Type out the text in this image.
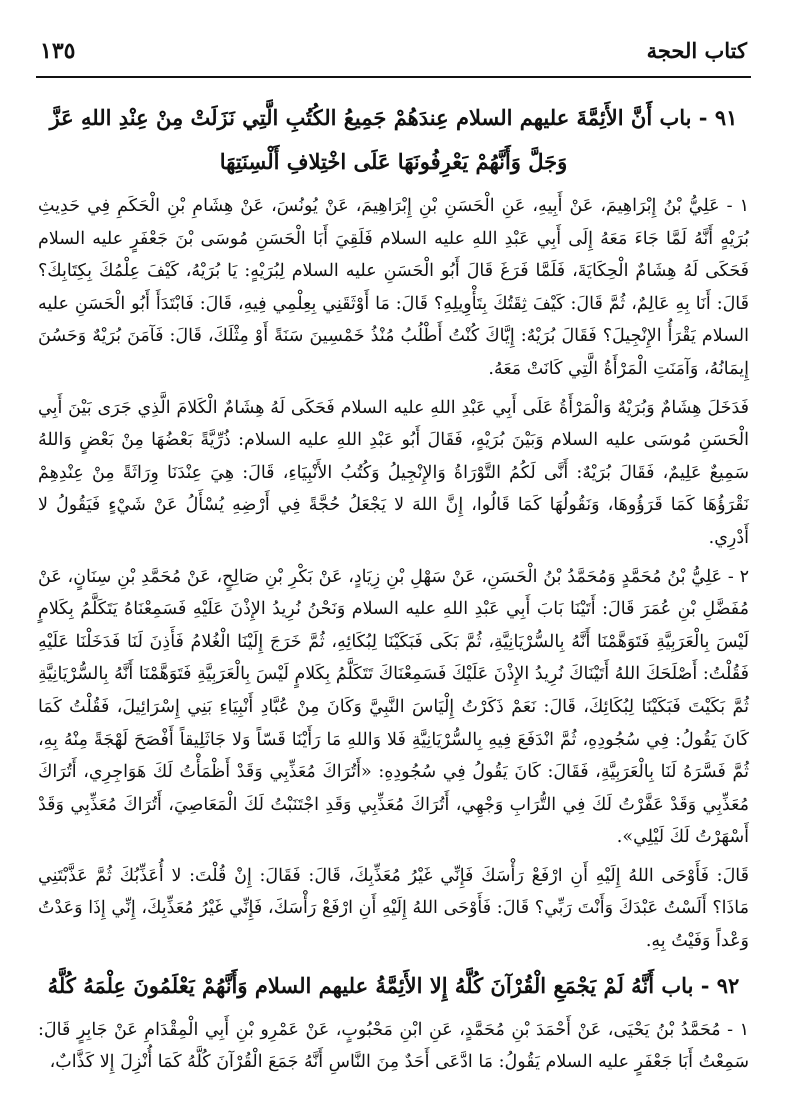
١٣٥	كتاب الحجة
٩١ - باب أَنَّ الأَئِمَّةَ عليهم السلام عِندَهُمْ جَمِيعُ الكُتُبِ الَّتِي نَزَلَتْ مِنْ عِنْدِ اللهِ عَزَّ وَجَلَّ وَأَنَّهُمْ يَعْرِفُونَهَا عَلَى اخْتِلافِ أَلْسِنَتِهَا

١ - عَلِيُّ بْنُ إِبْرَاهِيمَ، عَنْ أَبِيهِ، عَنِ الْحَسَنِ بْنِ إِبْرَاهِيمَ، عَنْ يُونُسَ، عَنْ هِشَامِ بْنِ الْحَكَمِ فِي حَدِيثِ بُرَيْهٍ أَنَّهُ لَمَّا جَاءَ مَعَهُ إِلَى أَبِي عَبْدِ اللهِ عليه السلام فَلَقِيَ أَبَا الْحَسَنِ مُوسَى بْنَ جَعْفَرٍ عليه السلام فَحَكَى لَهُ هِشَامٌ الْحِكَايَةَ، فَلَمَّا فَرَغَ قَالَ أَبُو الْحَسَنِ عليه السلام لِبُرَيْهٍ: يَا بُرَيْهُ، كَيْفَ عِلْمُكَ بِكِتَابِكَ؟ قَالَ: أَنَا بِهِ عَالِمٌ، ثُمَّ قَالَ: كَيْفَ ثِقَتُكَ بِتَأْوِيلِهِ؟ قَالَ: مَا أَوْثَقَنِي بِعِلْمِي فِيهِ، قَالَ: فَابْتَدَأَ أَبُو الْحَسَنِ عليه السلام يَقْرَأُ الإِنْجِيلَ؟ فَقَالَ بُرَيْهٌ: إِيَّاكَ كُنْتُ أَطْلُبُ مُنْذُ خَمْسِينَ سَنَةً أَوْ مِثْلَكَ، قَالَ: فَآمَنَ بُرَيْهٌ وَحَسُنَ إِيمَانُهُ، وَآمَنَتِ الْمَرْأَةُ الَّتِي كَانَتْ مَعَهُ.

فَدَخَلَ هِشَامٌ وَبُرَيْهٌ وَالْمَرْأَةُ عَلَى أَبِي عَبْدِ اللهِ عليه السلام فَحَكَى لَهُ هِشَامٌ الْكَلامَ الَّذِي جَرَى بَيْنَ أَبِي الْحَسَنِ مُوسَى عليه السلام وَبَيْنَ بُرَيْهٍ، فَقَالَ أَبُو عَبْدِ اللهِ عليه السلام: ذُرِّيَّةً بَعْضُهَا مِنْ بَعْضٍ وَاللهُ سَمِيعٌ عَلِيمٌ، فَقَالَ بُرَيْهٌ: أَنَّى لَكُمُ التَّوْرَاةُ وَالإِنْجِيلُ وَكُتُبُ الأَنْبِيَاءِ، قَالَ: هِيَ عِنْدَنَا وِرَاثَةً مِنْ عِنْدِهِمْ نَقْرَؤُهَا كَمَا قَرَؤُوهَا، وَنَقُولُهَا كَمَا قَالُوا، إِنَّ اللهَ لا يَجْعَلُ حُجَّةً فِي أَرْضِهِ يُسْأَلُ عَنْ شَيْءٍ فَيَقُولُ لا أَدْرِي.

٢ - عَلِيُّ بْنُ مُحَمَّدٍ وَمُحَمَّدُ بْنُ الْحَسَنِ، عَنْ سَهْلِ بْنِ زِيَادٍ، عَنْ بَكْرِ بْنِ صَالِحٍ، عَنْ مُحَمَّدِ بْنِ سِنَانٍ، عَنْ مُفَضَّلِ بْنِ عُمَرَ قَالَ: أَتَيْنَا بَابَ أَبِي عَبْدِ اللهِ عليه السلام وَنَحْنُ نُرِيدُ الإِذْنَ عَلَيْهِ فَسَمِعْنَاهُ يَتَكَلَّمُ بِكَلامٍ لَيْسَ بِالْعَرَبِيَّةِ فَتَوَهَّمْنَا أَنَّهُ بِالسُّرْيَانِيَّةِ، ثُمَّ بَكَى فَبَكَيْنَا لِبُكَائِهِ، ثُمَّ خَرَجَ إِلَيْنَا الْغُلامُ فَأَذِنَ لَنَا فَدَخَلْنَا عَلَيْهِ فَقُلْتُ: أَصْلَحَكَ اللهُ أَتَيْنَاكَ نُرِيدُ الإِذْنَ عَلَيْكَ فَسَمِعْنَاكَ تَتَكَلَّمُ بِكَلامٍ لَيْسَ بِالْعَرَبِيَّةِ فَتَوَهَّمْنَا أَنَّهُ بِالسُّرْيَانِيَّةِ ثُمَّ بَكَيْتَ فَبَكَيْنَا لِبُكَائِكَ، قَالَ: نَعَمْ ذَكَرْتُ إِلْيَاسَ النَّبِيَّ وَكَانَ مِنْ عُبَّادِ أَنْبِيَاءِ بَنِي إِسْرَائِيلَ، فَقُلْتُ كَمَا كَانَ يَقُولُ: فِي سُجُودِهِ، ثُمَّ انْدَفَعَ فِيهِ بِالسُّرْيَانِيَّةِ فَلا وَاللهِ مَا رَأَيْنَا قَسّاً وَلا جَاثَلِيقاً أَفْصَحَ لَهْجَةً مِنْهُ بِهِ، ثُمَّ فَسَّرَهُ لَنَا بِالْعَرَبِيَّةِ، فَقَالَ: كَانَ يَقُولُ فِي سُجُودِهِ: «أَتُرَاكَ مُعَذِّبِي وَقَدْ أَظْمَأْتُ لَكَ هَوَاجِرِي، أَتُرَاكَ مُعَذِّبِي وَقَدْ عَفَّرْتُ لَكَ فِي التُّرَابِ وَجْهِي، أَتُرَاكَ مُعَذِّبِي وَقَدِ اجْتَنَبْتُ لَكَ الْمَعَاصِيَ، أَتُرَاكَ مُعَذِّبِي وَقَدْ أَسْهَرْتُ لَكَ لَيْلِي».

قَالَ: فَأَوْحَى اللهُ إِلَيْهِ أَنِ ارْفَعْ رَأْسَكَ فَإِنِّي غَيْرُ مُعَذِّبِكَ، قَالَ: فَقَالَ: إِنْ قُلْتَ: لا أُعَذِّبُكَ ثُمَّ عَذَّبْتَنِي مَاذَا؟ أَلَسْتُ عَبْدَكَ وَأَنْتَ رَبِّي؟ قَالَ: فَأَوْحَى اللهُ إِلَيْهِ أَنِ ارْفَعْ رَأْسَكَ، فَإِنِّي غَيْرُ مُعَذِّبِكَ، إِنِّي إِذَا وَعَدْتُ وَعْداً وَفَيْتُ بِهِ.

٩٢ - باب أَنَّهُ لَمْ يَجْمَعِ الْقُرْآنَ كُلَّهُ إِلا الأَئِمَّةُ عليهم السلام وَأَنَّهُمْ يَعْلَمُونَ عِلْمَهُ كُلَّهُ

١ - مُحَمَّدُ بْنُ يَحْيَى، عَنْ أَحْمَدَ بْنِ مُحَمَّدٍ، عَنِ ابْنِ مَحْبُوبٍ، عَنْ عَمْرِو بْنِ أَبِي الْمِقْدَامِ عَنْ جَابِرٍ قَالَ: سَمِعْتُ أَبَا جَعْفَرٍ عليه السلام يَقُولُ: مَا ادَّعَى أَحَدٌ مِنَ النَّاسِ أَنَّهُ جَمَعَ الْقُرْآنَ كُلَّهُ كَمَا أُنْزِلَ إِلا كَذَّابٌ،
